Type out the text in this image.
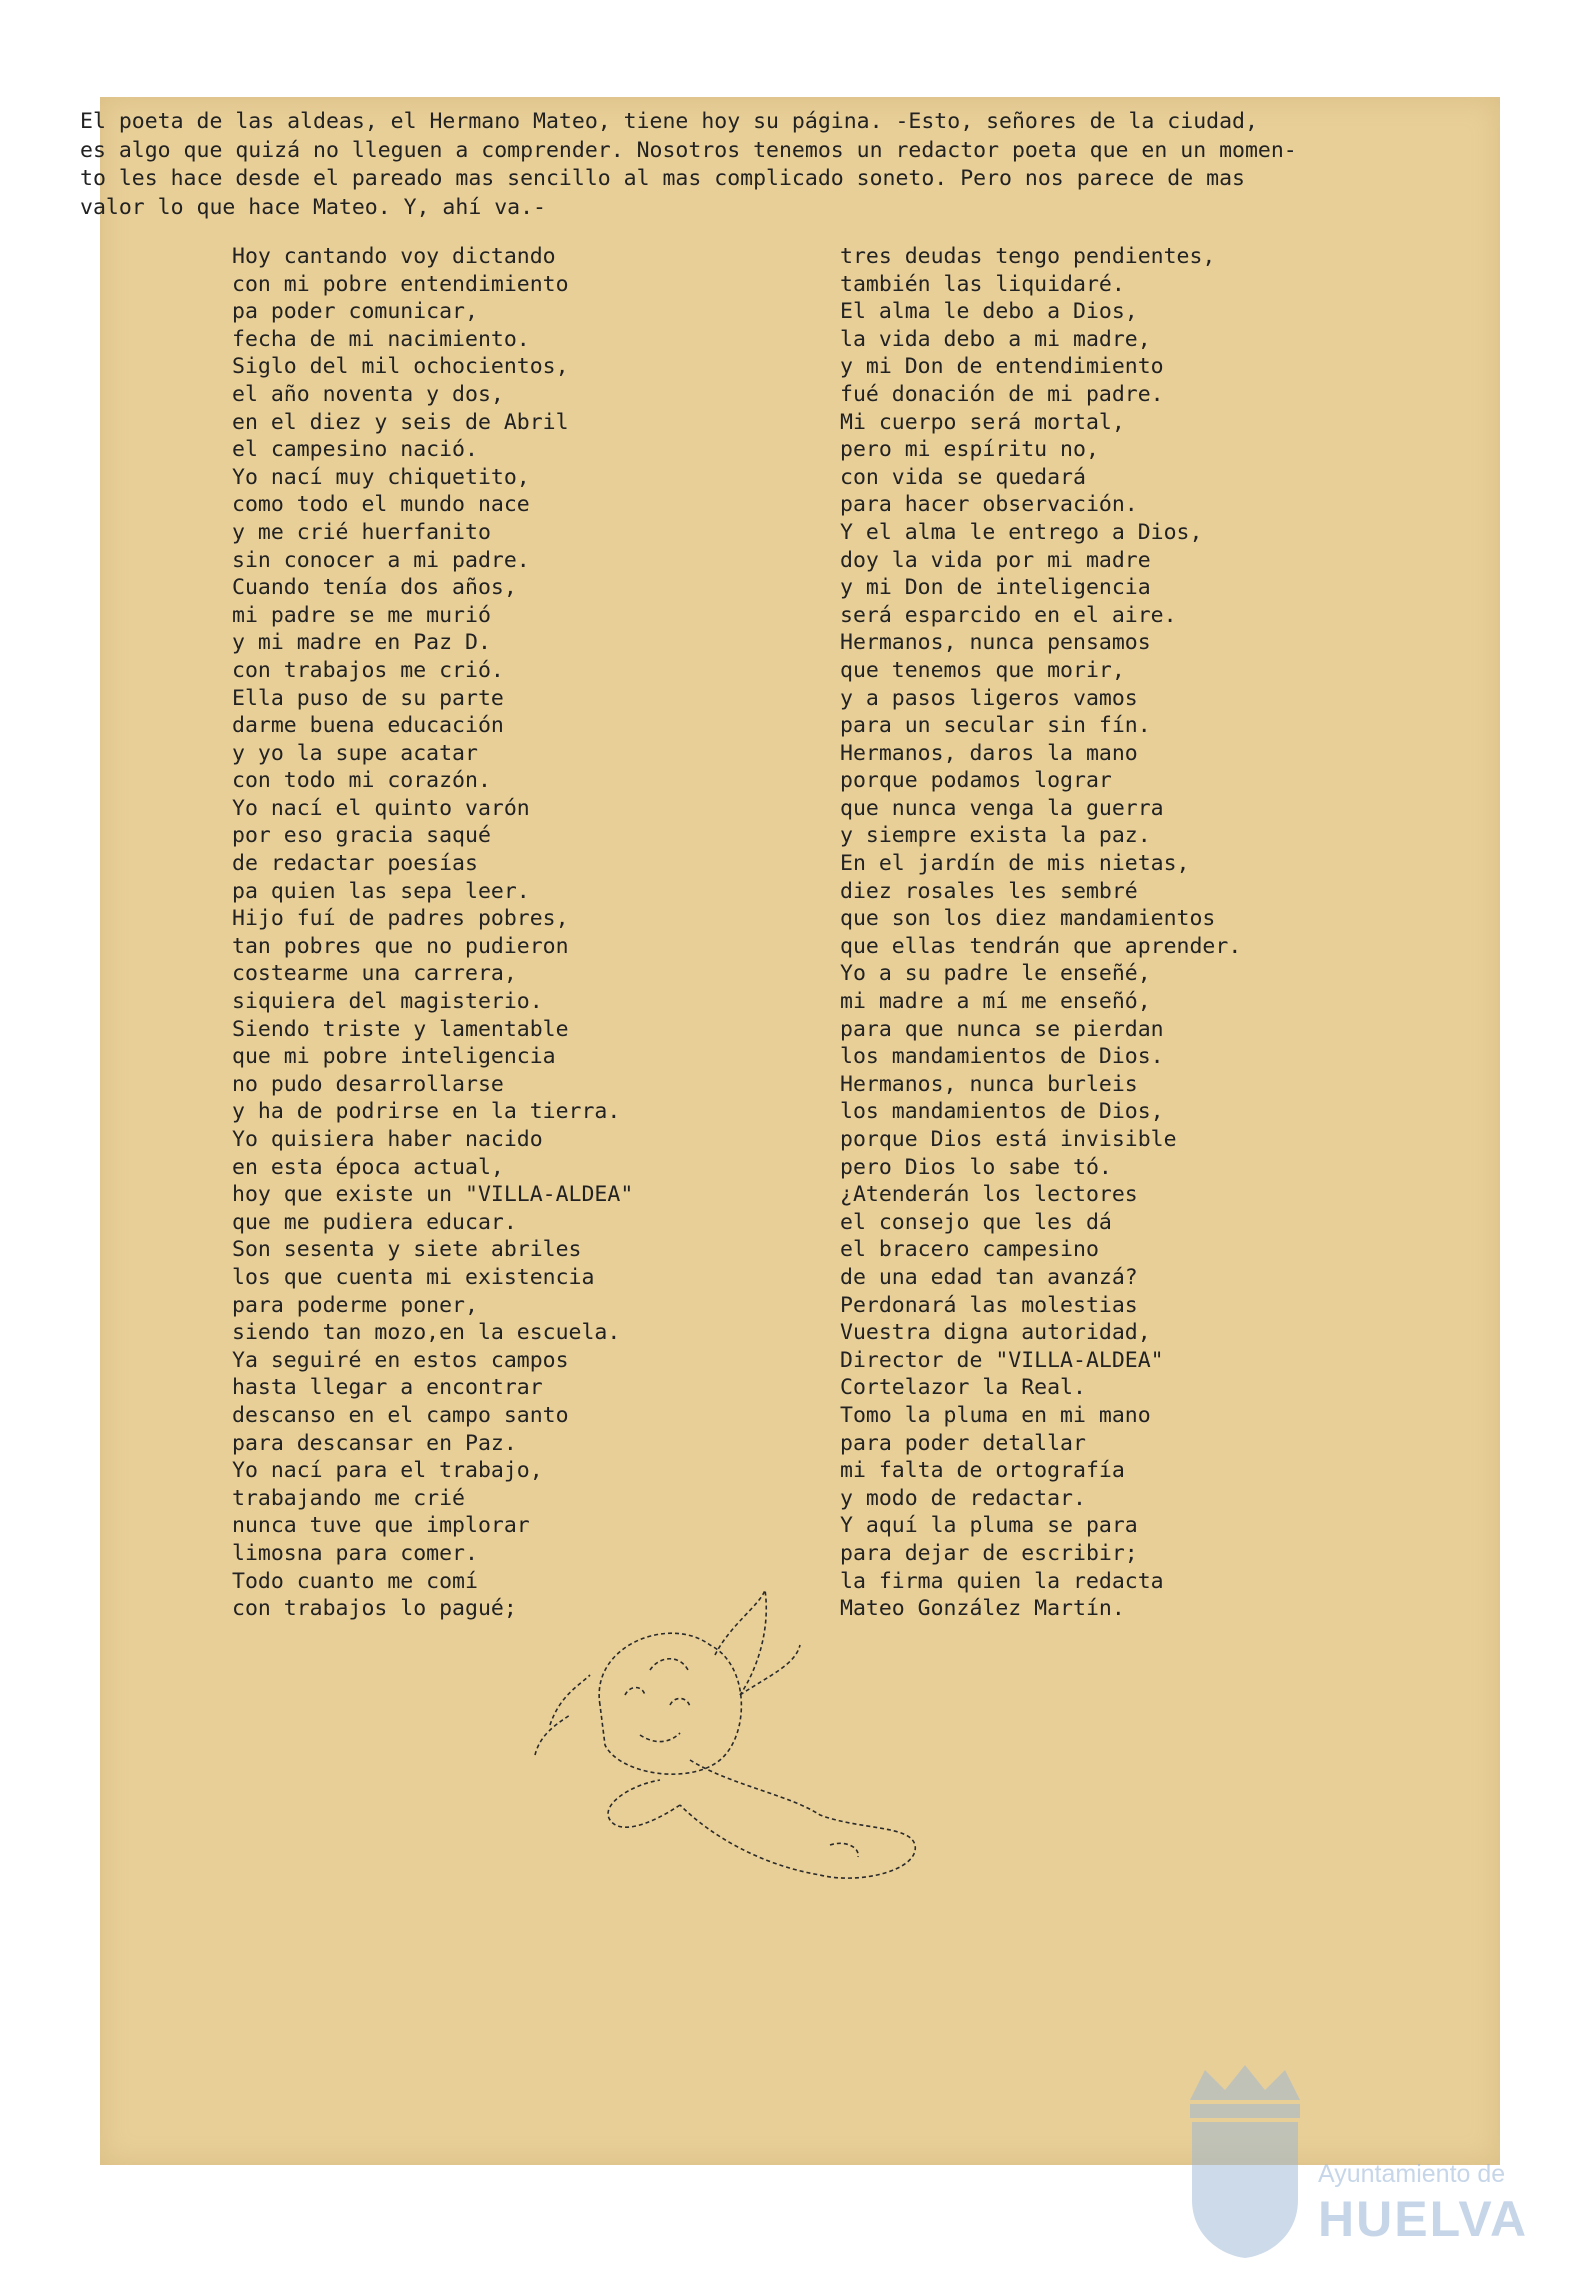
El poeta de las aldeas, el Hermano Mateo, tiene hoy su página. -Esto, señores de la ciudad,
es algo que quizá no lleguen a comprender. Nosotros tenemos un redactor poeta que en un momen-
to les hace desde el pareado mas sencillo al mas complicado soneto. Pero nos parece de mas
valor lo que hace Mateo. Y, ahí va.-

Hoy cantando voy dictando
con mi pobre entendimiento
pa poder comunicar,
fecha de mi nacimiento.
Siglo del mil ochocientos,
el año noventa y dos,
en el diez y seis de Abril
el campesino nació.
Yo nací muy chiquetito,
como todo el mundo nace
y me crié huerfanito
sin conocer a mi padre.
Cuando tenía dos años,
mi padre se me murió
y mi madre en Paz D.
con trabajos me crió.
Ella puso de su parte
darme buena educación
y yo la supe acatar
con todo mi corazón.
Yo nací el quinto varón
por eso gracia saqué
de redactar poesías
pa quien las sepa leer.
Hijo fuí de padres pobres,
tan pobres que no pudieron
costearme una carrera,
siquiera del magisterio.
Siendo triste y lamentable
que mi pobre inteligencia
no pudo desarrollarse
y ha de podrirse en la tierra.
Yo quisiera haber nacido
en esta época actual,
hoy que existe un "VILLA-ALDEA"
que me pudiera educar.
Son sesenta y siete abriles
los que cuenta mi existencia
para poderme poner,
siendo tan mozo,en la escuela.
Ya seguiré en estos campos
hasta llegar a encontrar
descanso en el campo santo
para descansar en Paz.
Yo nací para el trabajo,
trabajando me crié
nunca tuve que implorar
limosna para comer.
Todo cuanto me comí
con trabajos lo pagué;
tres deudas tengo pendientes,
también las liquidaré.
El alma le debo a Dios,
la vida debo a mi madre,
y mi Don de entendimiento
fué donación de mi padre.
Mi cuerpo será mortal,
pero mi espíritu no,
con vida se quedará
para hacer observación.
Y el alma le entrego a Dios,
doy la vida por mi madre
y mi Don de inteligencia
será esparcido en el aire.
Hermanos, nunca pensamos
que tenemos que morir,
y a pasos ligeros vamos
para un secular sin fín.
Hermanos, daros la mano
porque podamos lograr
que nunca venga la guerra
y siempre exista la paz.
En el jardín de mis nietas,
diez rosales les sembré
que son los diez mandamientos
que ellas tendrán que aprender.
Yo a su padre le enseñé,
mi madre a mí me enseñó,
para que nunca se pierdan
los mandamientos de Dios.
Hermanos, nunca burleis
los mandamientos de Dios,
porque Dios está invisible
pero Dios lo sabe tó.
¿Atenderán los lectores
el consejo que les dá
el bracero campesino
de una edad tan avanzá?
Perdonará las molestias
Vuestra digna autoridad,
Director de "VILLA-ALDEA"
Cortelazor la Real.
Tomo la pluma en mi mano
para poder detallar
mi falta de ortografía
y modo de redactar.
Y aquí la pluma se para
para dejar de escribir;
la firma quien la redacta
Mateo González Martín.
Ayuntamiento de
HUELVA
